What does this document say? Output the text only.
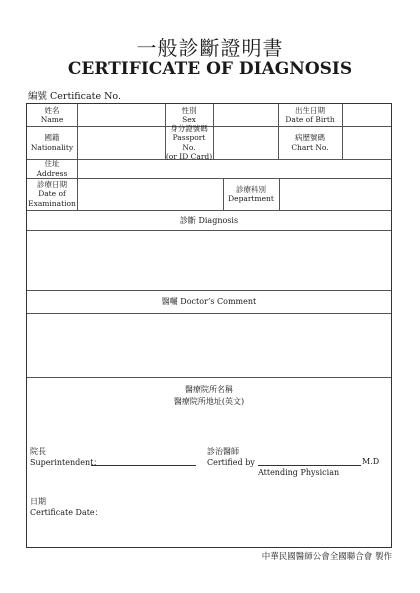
一般診斷證明書
CERTIFICATE OF DIAGNOSIS
編號 Certificate No.
姓名
Name
性別
Sex
出生日期
Date of Birth
國籍
Nationality
身分證號碼
Passport No.
(or ID Card)
病歷號碼
Chart No.
住址
Address
診療日期
Date of
Examination
診療科別
Department
診斷 Diagnosis
醫囑 Doctor’s Comment
醫療院所名稱
醫療院所地址(英文)
院長
Superintendent：
診治醫師
Certified by	M.D
Attending Physician
日期
Certificate Date：
中華民國醫師公會全國聯合會 製作
